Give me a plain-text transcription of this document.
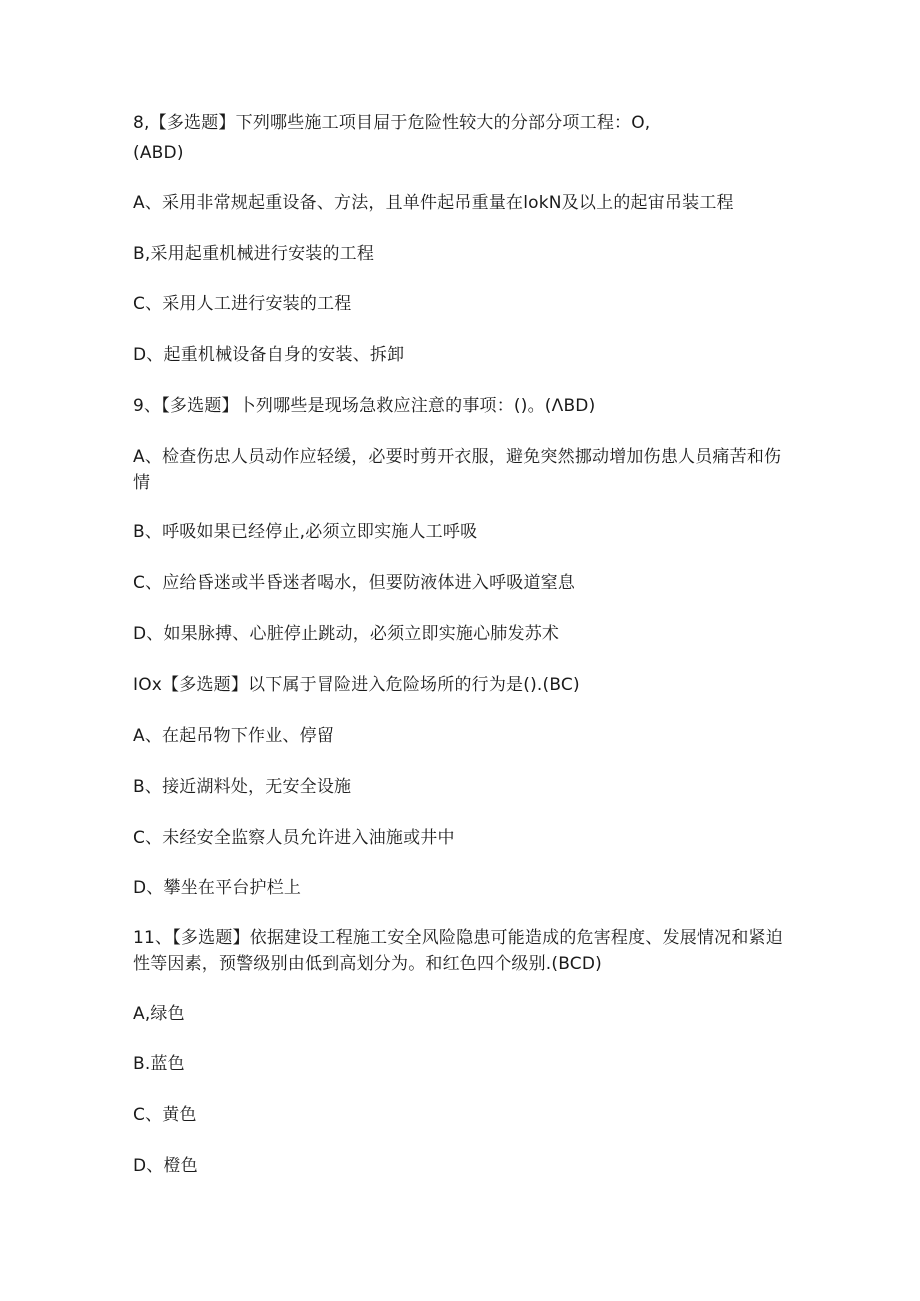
8,【多选题】下列哪些施工项目屇于危险性较大的分部分项工程：O,
(ABD)
A、采用非常规起重设备、方法，且单件起吊重量在lokN及以上的起宙吊装工程
B,采用起重机械进行安装的工程
C、采用人工进行安装的工程
D、起重机械设备自身的安装、拆卸
9、【多选题】卜列哪些是现场急救应注意的事项：()。(ΛBD)
A、检查伤忠人员动作应轻缓，必要时剪开衣服，避免突然挪动增加伤患人员痛苦和伤情
B、呼吸如果已经停止,必须立即实施人工呼吸
C、应给昏迷或半昏迷者喝水，但要防液体进入呼吸道窒息
D、如果脉搏、心脏停止跳动，必须立即实施心肺发苏术
IOx【多选题】以下属于冒险进入危险场所的行为是().(BC)
A、在起吊物下作业、停留
B、接近湖料处，无安全设施
C、未经安全监察人员允许进入油施或井中
D、攀坐在平台护栏上
11、【多选题】依据建设工程施工安全风险隐患可能造成的危害程度、发展情况和紧迫性等因素，预警级别由低到高划分为。和红色四个级别.(BCD)
A,绿色
B.蓝色
C、黄色
D、橙色
